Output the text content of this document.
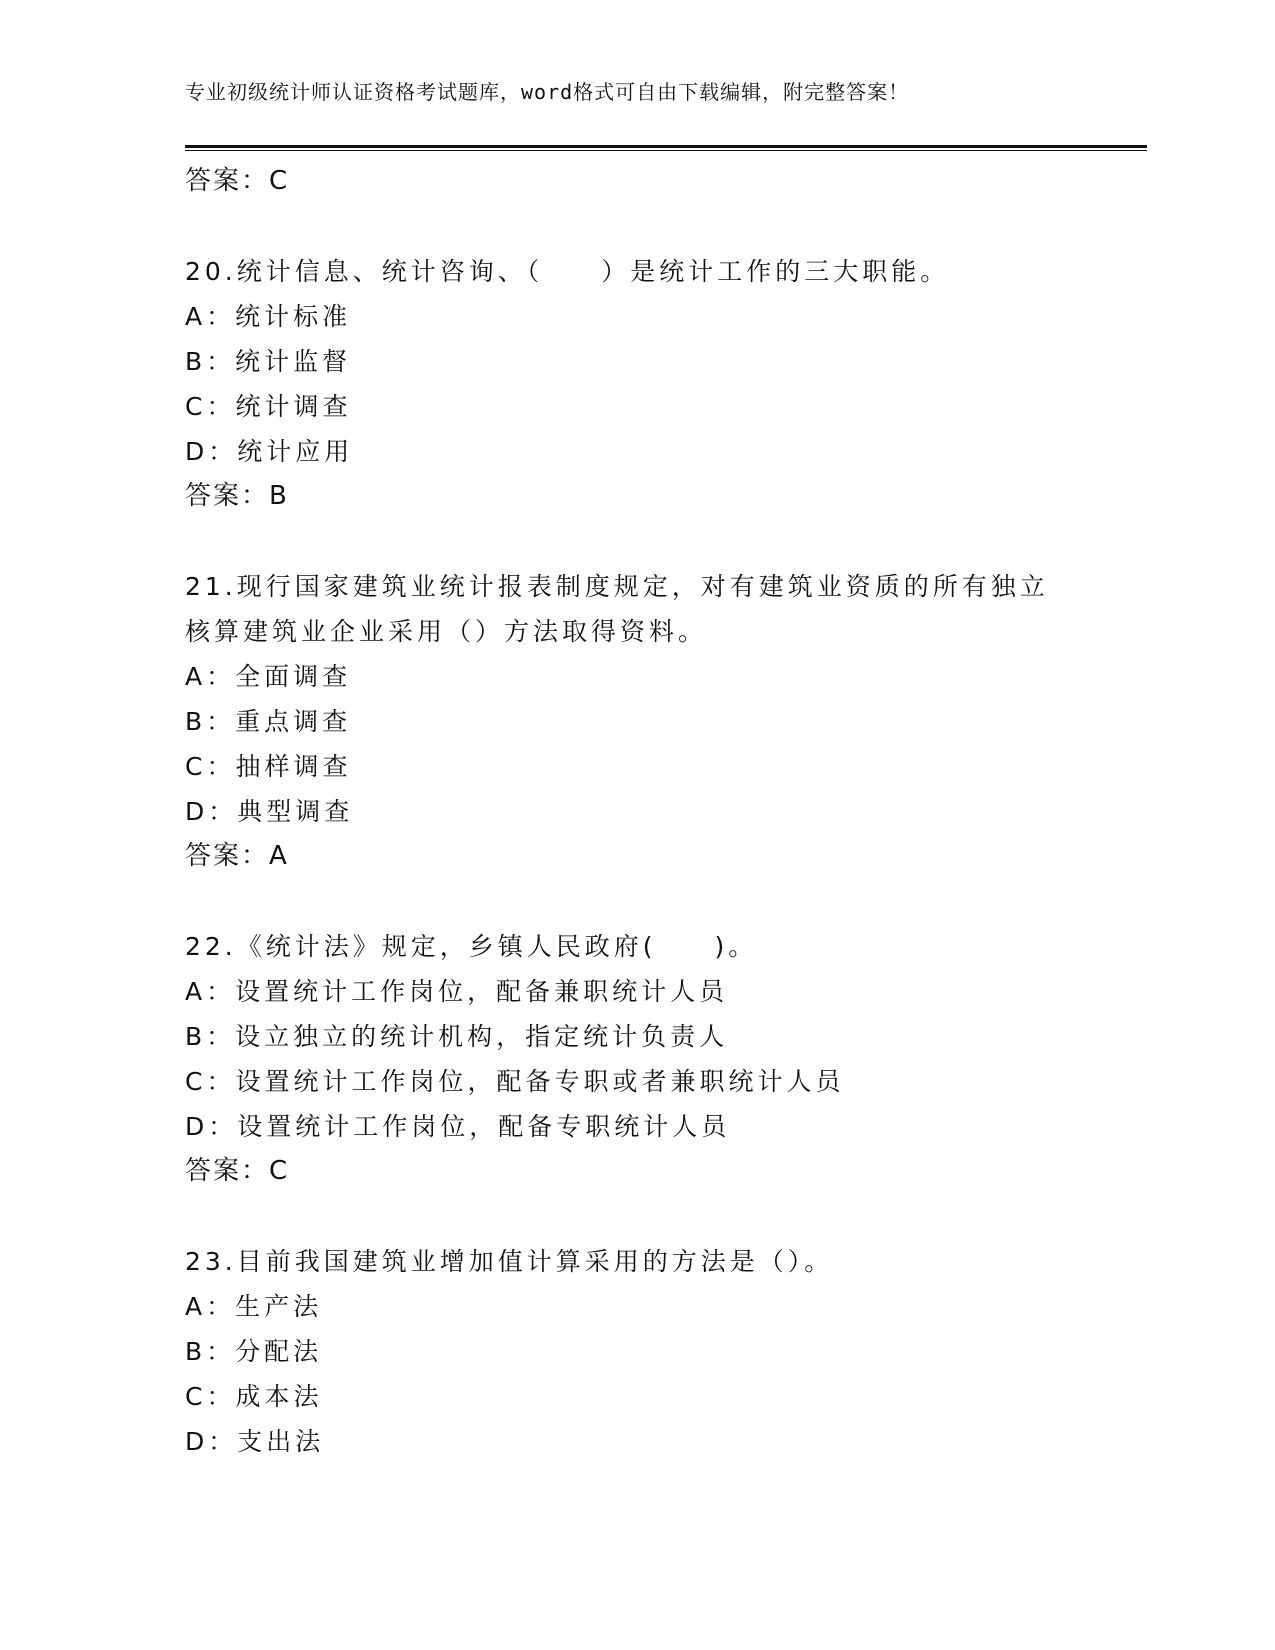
专业初级统计师认证资格考试题库，word格式可自由下载编辑，附完整答案！
答案：C
20.统计信息、统计咨询、（　　）是统计工作的三大职能。
A：统计标准
B：统计监督
C：统计调查
D：统计应用
答案：B
21.现行国家建筑业统计报表制度规定，对有建筑业资质的所有独立核算建筑业企业采用（）方法取得资料。
A：全面调查
B：重点调查
C：抽样调查
D：典型调查
答案：A
22.《统计法》规定，乡镇人民政府(　　)。
A：设置统计工作岗位，配备兼职统计人员
B：设立独立的统计机构，指定统计负责人
C：设置统计工作岗位，配备专职或者兼职统计人员
D：设置统计工作岗位，配备专职统计人员
答案：C
23.目前我国建筑业增加值计算采用的方法是（）。
A：生产法
B：分配法
C：成本法
D：支出法
